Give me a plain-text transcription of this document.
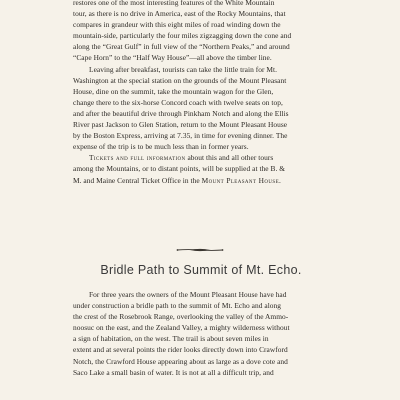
restores one of the most interesting features of the White Mountain
tour, as there is no drive in America, east of the Rocky Mountains, that
compares in grandeur with this eight miles of road winding down the
mountain-side, particularly the four miles zigzagging down the cone and
along the “Great Gulf” in full view of the “Northern Peaks,” and around
“Cape Horn” to the “Half Way House”—all above the timber line.

Leaving after breakfast, tourists can take the little train for Mt.
Washington at the special station on the grounds of the Mount Pleasant
House, dine on the summit, take the mountain wagon for the Glen,
change there to the six-horse Concord coach with twelve seats on top,
and after the beautiful drive through Pinkham Notch and along the Ellis
River past Jackson to Glen Station, return to the Mount Pleasant House
by the Boston Express, arriving at 7.35, in time for evening dinner. The
expense of the trip is to be much less than in former years.

Tickets and full information about this and all other tours
among the Mountains, or to distant points, will be supplied at the B. &
M. and Maine Central Ticket Office in the Mount Pleasant House.

Bridle Path to Summit of Mt. Echo.

For three years the owners of the Mount Pleasant House have had
under construction a bridle path to the summit of Mt. Echo and along
the crest of the Rosebrook Range, overlooking the valley of the Ammo-
noosuc on the east, and the Zealand Valley, a mighty wilderness without
a sign of habitation, on the west. The trail is about seven miles in
extent and at several points the rider looks directly down into Crawford
Notch, the Crawford House appearing about as large as a dove cote and
Saco Lake a small basin of water. It is not at all a difficult trip, and
